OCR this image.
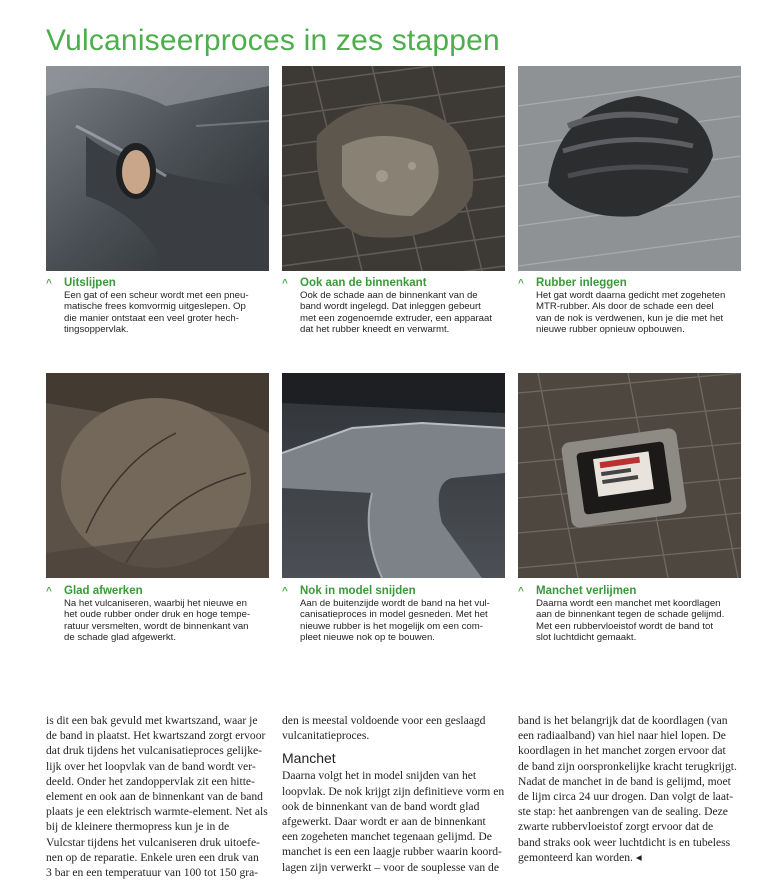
Vulcaniseerproces in zes stappen
^	Uitslijpen
Een gat of een scheur wordt met een pneu-
matische frees komvormig uitgeslepen. Op
die manier ontstaat een veel groter hech-
tingsoppervlak.
^	Ook aan de binnenkant
Ook de schade aan de binnenkant van de
band wordt ingelegd. Dat inleggen gebeurt
met een zogenoemde extruder, een apparaat
dat het rubber kneedt en verwarmt.
^	Rubber inleggen
Het gat wordt daarna gedicht met zogeheten
MTR-rubber. Als door de schade een deel
van de nok is verdwenen, kun je die met het
nieuwe rubber opnieuw opbouwen.
^	Glad afwerken
Na het vulcaniseren, waarbij het nieuwe en
het oude rubber onder druk en hoge tempe-
ratuur versmelten, wordt de binnenkant van
de schade glad afgewerkt.
^	Nok in model snijden
Aan de buitenzijde wordt de band na het vul-
canisatieproces in model gesneden. Met het
nieuwe rubber is het mogelijk om een com-
pleet nieuwe nok op te bouwen.
^	Manchet verlijmen
Daarna wordt een manchet met koordlagen
aan de binnenkant tegen de schade gelijmd.
Met een rubbervloeistof wordt de band tot
slot luchtdicht gemaakt.
is dit een bak gevuld met kwartszand, waar je
de band in plaatst. Het kwartszand zorgt ervoor
dat druk tijdens het vulcanisatieproces gelijke-
lijk over het loopvlak van de band wordt ver-
deeld. Onder het zandoppervlak zit een hitte-
element en ook aan de binnenkant van de band
plaats je een elektrisch warmte-element. Net als
bij de kleinere thermopress kun je in de
Vulcstar tijdens het vulcaniseren druk uitoefe-
nen op de reparatie. Enkele uren een druk van
3 bar en een temperatuur van 100 tot 150 gra-
den is meestal voldoende voor een geslaagd
vulcanitatieproces.
Manchet
Daarna volgt het in model snijden van het
loopvlak. De nok krijgt zijn definitieve vorm en
ook de binnenkant van de band wordt glad
afgewerkt. Daar wordt er aan de binnenkant
een zogeheten manchet tegenaan gelijmd. De
manchet is een een laagje rubber waarin koord-
lagen zijn verwerkt – voor de souplesse van de
band is het belangrijk dat de koordlagen (van
een radiaalband) van hiel naar hiel lopen. De
koordlagen in het manchet zorgen ervoor dat
de band zijn oorspronkelijke kracht terugkrijgt.
Nadat de manchet in de band is gelijmd, moet
de lijm circa 24 uur drogen. Dan volgt de laat-
ste stap: het aanbrengen van de sealing. Deze
zwarte rubbervloeistof zorgt ervoor dat de
band straks ook weer luchtdicht is en tubeless
gemonteerd kan worden. ◂
